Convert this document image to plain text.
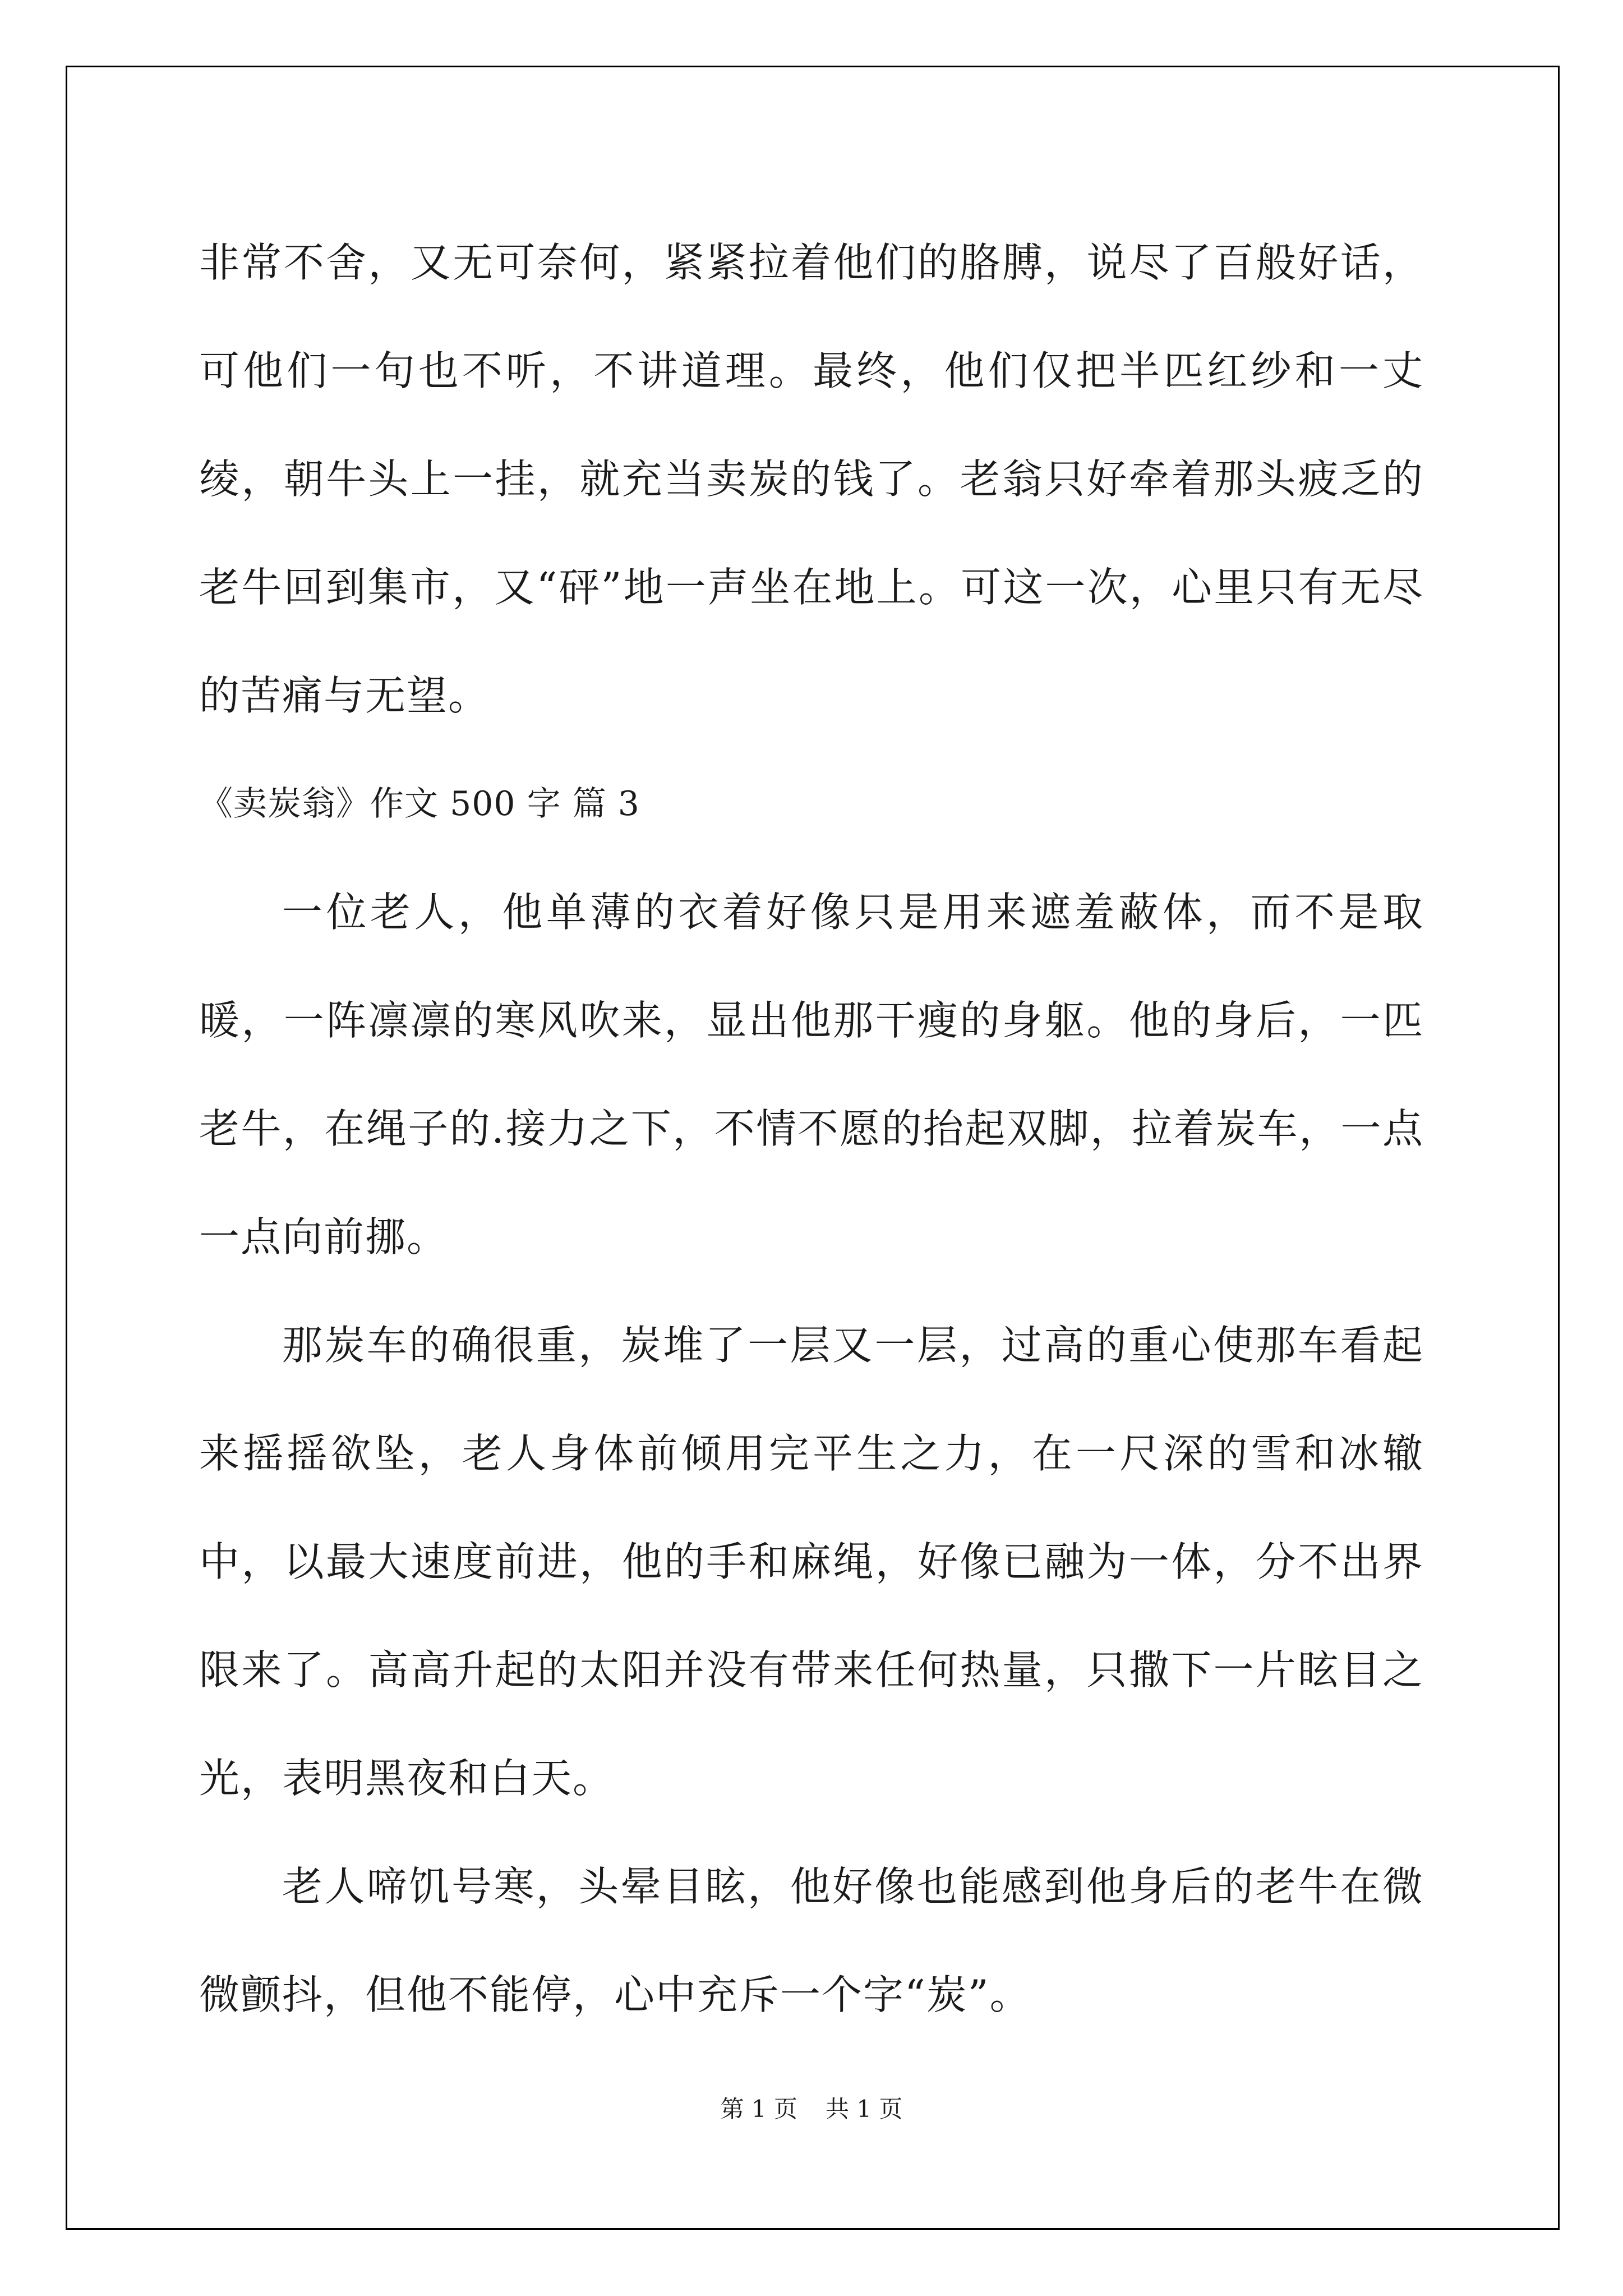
非常不舍，又无可奈何，紧紧拉着他们的胳膊，说尽了百般好话，可他们一句也不听，不讲道理。最终，他们仅把半匹红纱和一丈绫，朝牛头上一挂，就充当卖炭的钱了。老翁只好牵着那头疲乏的老牛回到集市，又“砰”地一声坐在地上。可这一次，心里只有无尽的苦痛与无望。

《卖炭翁》作文 500 字 篇 3

一位老人，他单薄的衣着好像只是用来遮羞蔽体，而不是取暖，一阵凛凛的寒风吹来，显出他那干瘦的身躯。他的身后，一匹老牛，在绳子的.接力之下，不情不愿的抬起双脚，拉着炭车，一点一点向前挪。

那炭车的确很重，炭堆了一层又一层，过高的重心使那车看起来摇摇欲坠，老人身体前倾用完平生之力，在一尺深的雪和冰辙中，以最大速度前进，他的手和麻绳，好像已融为一体，分不出界限来了。高高升起的太阳并没有带来任何热量，只撒下一片眩目之光，表明黑夜和白天。

老人啼饥号寒，头晕目眩，他好像也能感到他身后的老牛在微微颤抖，但他不能停，心中充斥一个字“炭”。

第 1 页 共 1 页
